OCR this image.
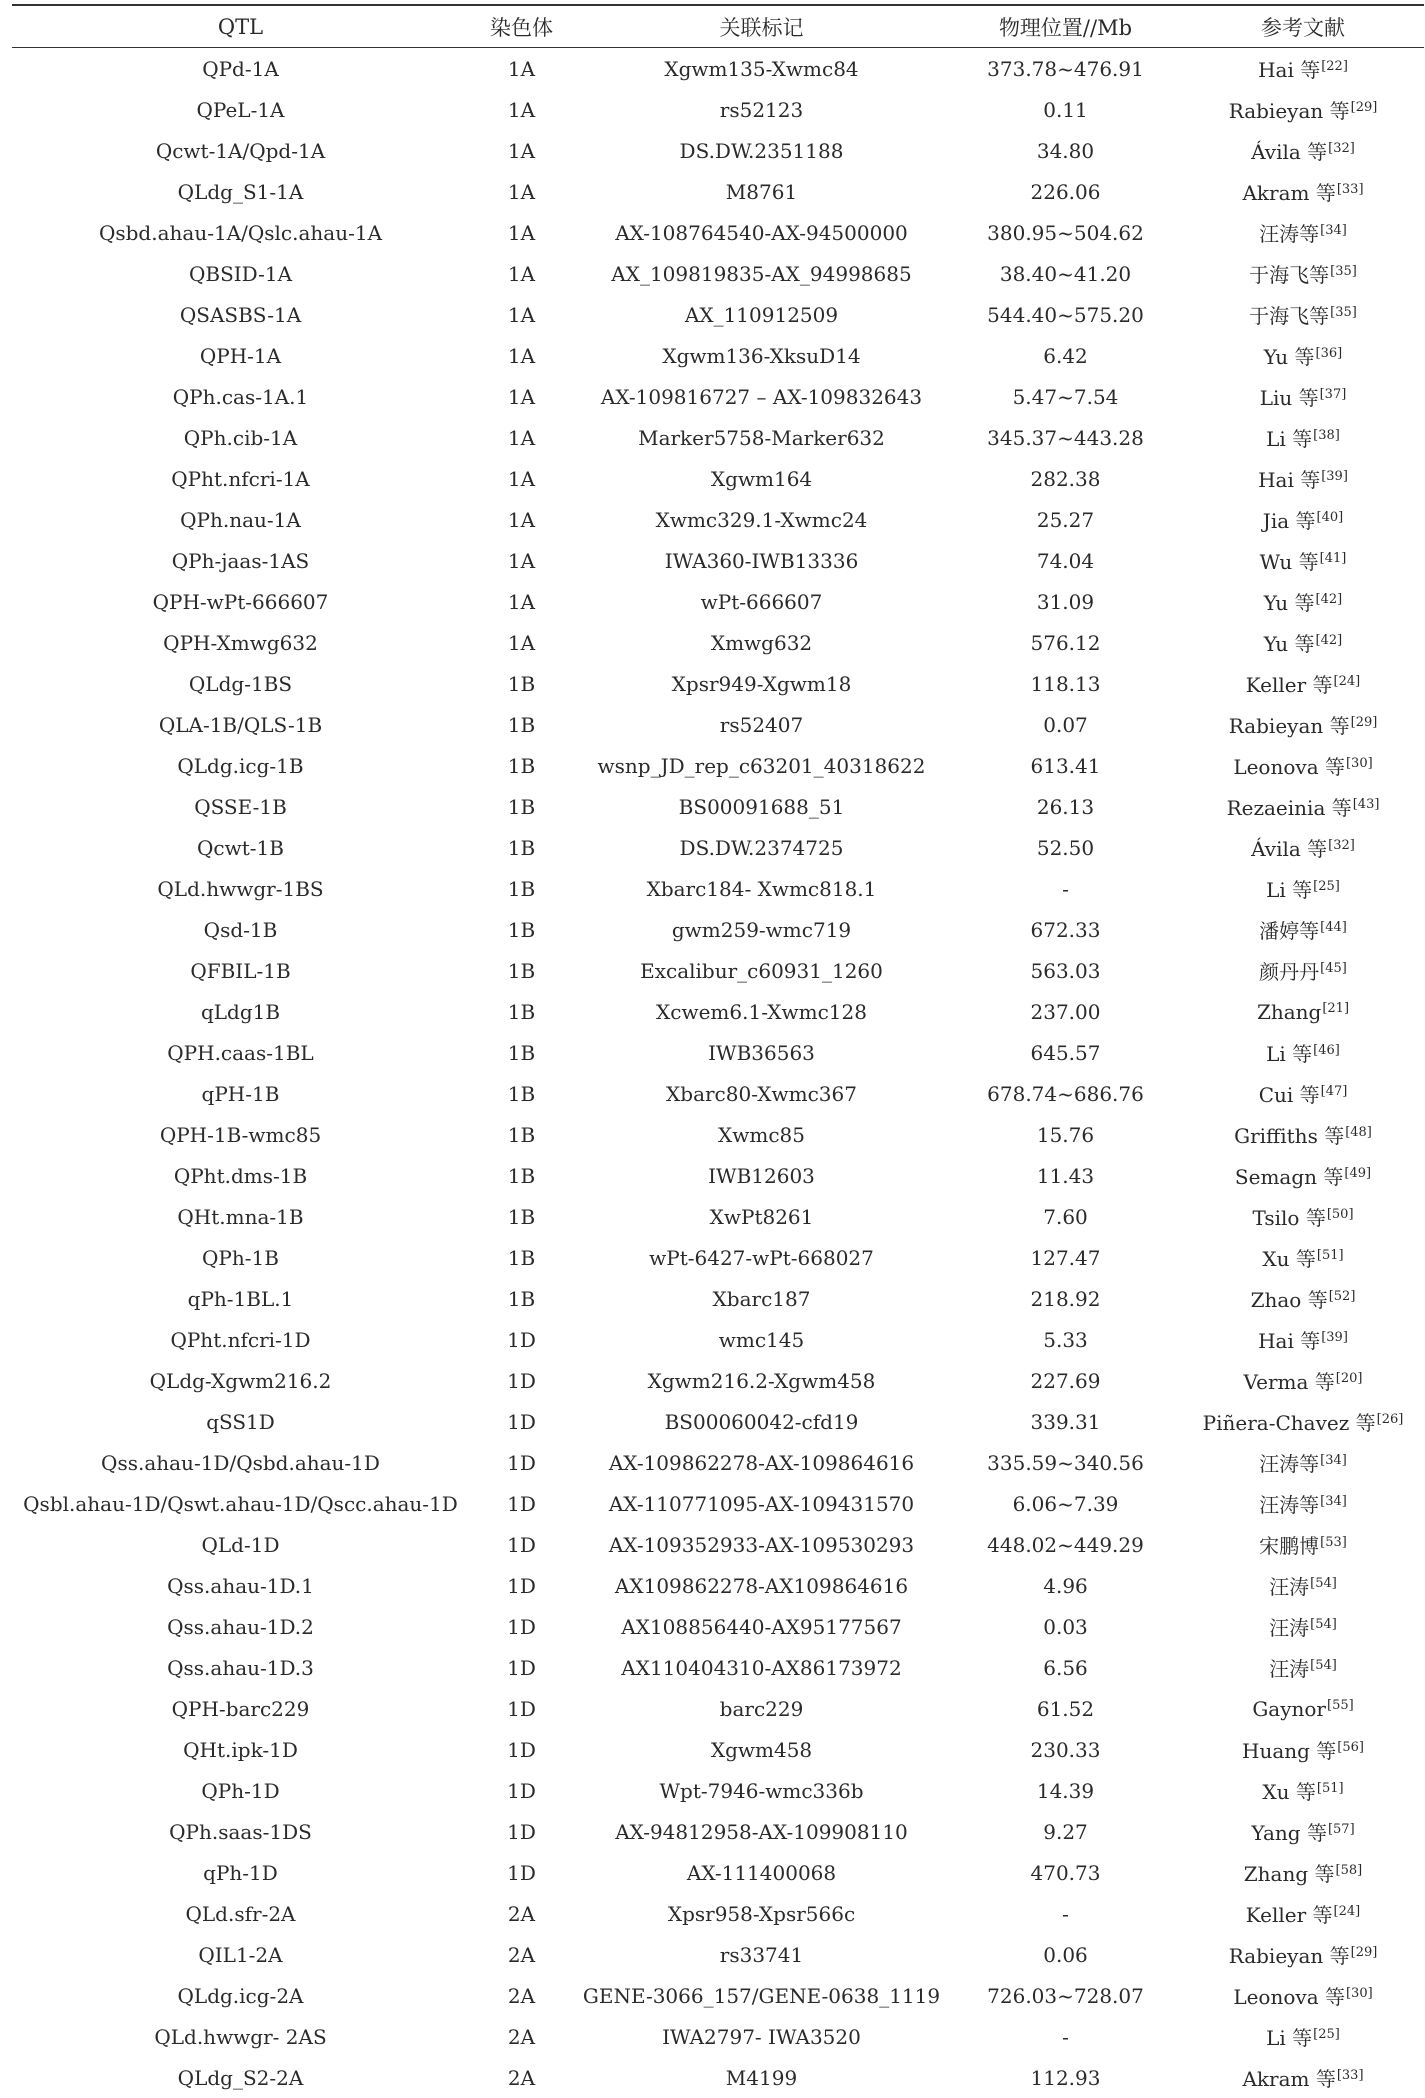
QTL	染色体	关联标记	物理位置//Mb	参考文献
QPd-1A	1A	Xgwm135-Xwmc84	373.78~476.91	Hai 等[22]
QPeL-1A	1A	rs52123	0.11	Rabieyan 等[29]
Qcwt-1A/Qpd-1A	1A	DS.DW.2351188	34.80	Ávila 等[32]
QLdg_S1-1A	1A	M8761	226.06	Akram 等[33]
Qsbd.ahau-1A/Qslc.ahau-1A	1A	AX-108764540-AX-94500000	380.95~504.62	汪涛等[34]
QBSID-1A	1A	AX_109819835-AX_94998685	38.40~41.20	于海飞等[35]
QSASBS-1A	1A	AX_110912509	544.40~575.20	于海飞等[35]
QPH-1A	1A	Xgwm136-XksuD14	6.42	Yu 等[36]
QPh.cas-1A.1	1A	AX-109816727 – AX-109832643	5.47~7.54	Liu 等[37]
QPh.cib-1A	1A	Marker5758-Marker632	345.37~443.28	Li 等[38]
QPht.nfcri-1A	1A	Xgwm164	282.38	Hai 等[39]
QPh.nau-1A	1A	Xwmc329.1-Xwmc24	25.27	Jia 等[40]
QPh-jaas-1AS	1A	IWA360-IWB13336	74.04	Wu 等[41]
QPH-wPt-666607	1A	wPt-666607	31.09	Yu 等[42]
QPH-Xmwg632	1A	Xmwg632	576.12	Yu 等[42]
QLdg-1BS	1B	Xpsr949-Xgwm18	118.13	Keller 等[24]
QLA-1B/QLS-1B	1B	rs52407	0.07	Rabieyan 等[29]
QLdg.icg-1B	1B	wsnp_JD_rep_c63201_40318622	613.41	Leonova 等[30]
QSSE-1B	1B	BS00091688_51	26.13	Rezaeinia 等[43]
Qcwt-1B	1B	DS.DW.2374725	52.50	Ávila 等[32]
QLd.hwwgr-1BS	1B	Xbarc184- Xwmc818.1	-	Li 等[25]
Qsd-1B	1B	gwm259-wmc719	672.33	潘婷等[44]
QFBIL-1B	1B	Excalibur_c60931_1260	563.03	颜丹丹[45]
qLdg1B	1B	Xcwem6.1-Xwmc128	237.00	Zhang[21]
QPH.caas-1BL	1B	IWB36563	645.57	Li 等[46]
qPH-1B	1B	Xbarc80-Xwmc367	678.74~686.76	Cui 等[47]
QPH-1B-wmc85	1B	Xwmc85	15.76	Griffiths 等[48]
QPht.dms-1B	1B	IWB12603	11.43	Semagn 等[49]
QHt.mna-1B	1B	XwPt8261	7.60	Tsilo 等[50]
QPh-1B	1B	wPt-6427-wPt-668027	127.47	Xu 等[51]
qPh-1BL.1	1B	Xbarc187	218.92	Zhao 等[52]
QPht.nfcri-1D	1D	wmc145	5.33	Hai 等[39]
QLdg-Xgwm216.2	1D	Xgwm216.2-Xgwm458	227.69	Verma 等[20]
qSS1D	1D	BS00060042-cfd19	339.31	Piñera-Chavez 等[26]
Qss.ahau-1D/Qsbd.ahau-1D	1D	AX-109862278-AX-109864616	335.59~340.56	汪涛等[34]
Qsbl.ahau-1D/Qswt.ahau-1D/Qscc.ahau-1D	1D	AX-110771095-AX-109431570	6.06~7.39	汪涛等[34]
QLd-1D	1D	AX-109352933-AX-109530293	448.02~449.29	宋鹏博[53]
Qss.ahau-1D.1	1D	AX109862278-AX109864616	4.96	汪涛[54]
Qss.ahau-1D.2	1D	AX108856440-AX95177567	0.03	汪涛[54]
Qss.ahau-1D.3	1D	AX110404310-AX86173972	6.56	汪涛[54]
QPH-barc229	1D	barc229	61.52	Gaynor[55]
QHt.ipk-1D	1D	Xgwm458	230.33	Huang 等[56]
QPh-1D	1D	Wpt-7946-wmc336b	14.39	Xu 等[51]
QPh.saas-1DS	1D	AX-94812958-AX-109908110	9.27	Yang 等[57]
qPh-1D	1D	AX-111400068	470.73	Zhang 等[58]
QLd.sfr-2A	2A	Xpsr958-Xpsr566c	-	Keller 等[24]
QIL1-2A	2A	rs33741	0.06	Rabieyan 等[29]
QLdg.icg-2A	2A	GENE-3066_157/GENE-0638_1119	726.03~728.07	Leonova 等[30]
QLd.hwwgr- 2AS	2A	IWA2797- IWA3520	-	Li 等[25]
QLdg_S2-2A	2A	M4199	112.93	Akram 等[33]
